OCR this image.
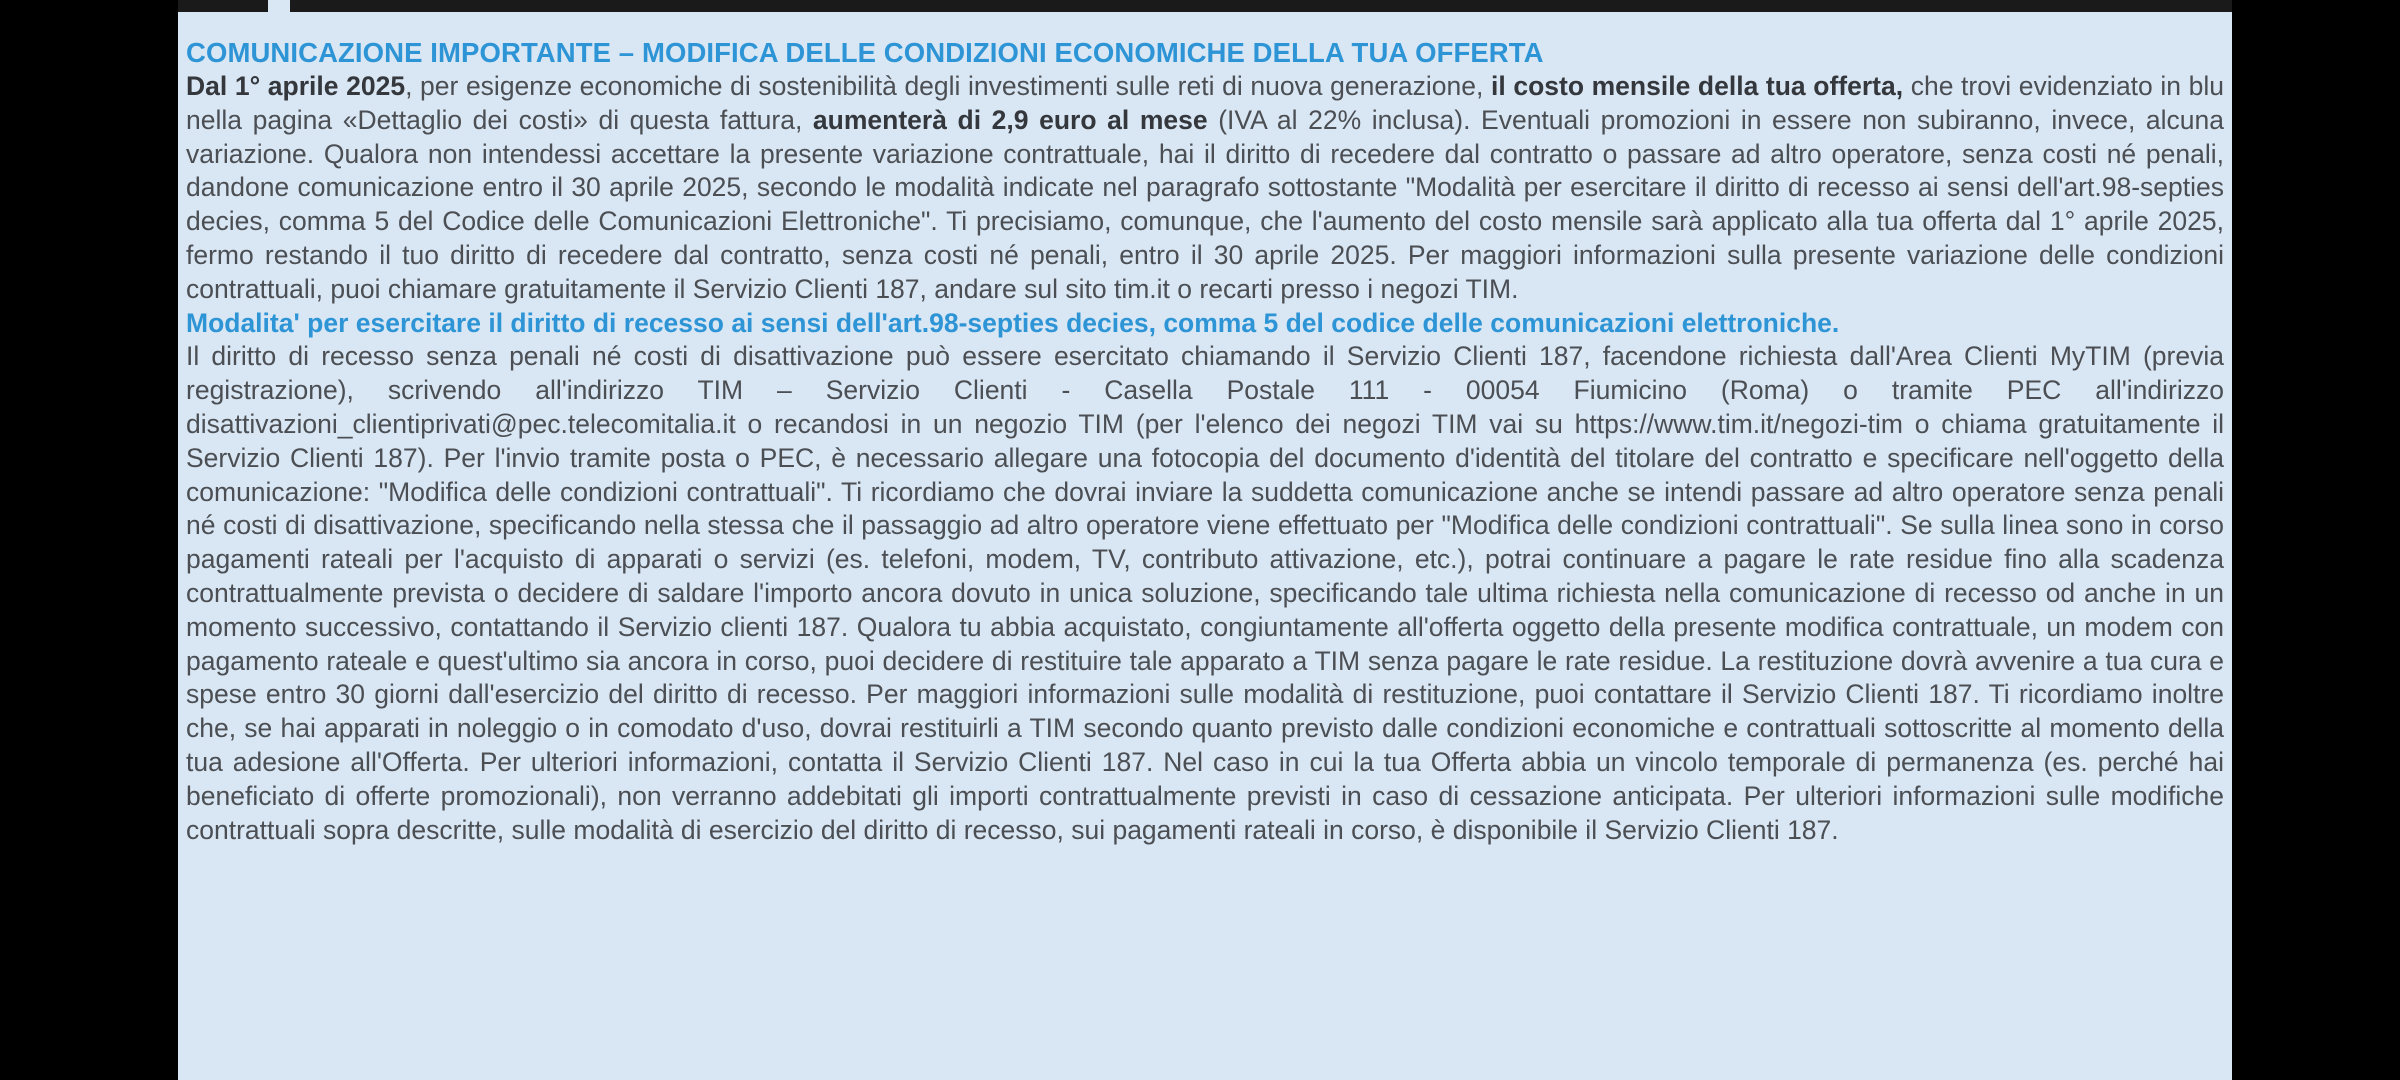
COMUNICAZIONE IMPORTANTE – MODIFICA DELLE CONDIZIONI ECONOMICHE DELLA TUA OFFERTA

Dal 1° aprile 2025, per esigenze economiche di sostenibilità degli investimenti sulle reti di nuova generazione, il costo mensile della tua offerta, che trovi evidenziato in blu nella pagina «Dettaglio dei costi» di questa fattura, aumenterà di 2,9 euro al mese (IVA al 22% inclusa). Eventuali promozioni in essere non subiranno, invece, alcuna variazione. Qualora non intendessi accettare la presente variazione contrattuale, hai il diritto di recedere dal contratto o passare ad altro operatore, senza costi né penali, dandone comunicazione entro il 30 aprile 2025, secondo le modalità indicate nel paragrafo sottostante "Modalità per esercitare il diritto di recesso ai sensi dell'art.98-septies decies, comma 5 del Codice delle Comunicazioni Elettroniche". Ti precisiamo, comunque, che l'aumento del costo mensile sarà applicato alla tua offerta dal 1° aprile 2025, fermo restando il tuo diritto di recedere dal contratto, senza costi né penali, entro il 30 aprile 2025. Per maggiori informazioni sulla presente variazione delle condizioni contrattuali, puoi chiamare gratuitamente il Servizio Clienti 187, andare sul sito tim.it o recarti presso i negozi TIM.

Modalita' per esercitare il diritto di recesso ai sensi dell'art.98-septies decies, comma 5 del codice delle comunicazioni elettroniche.

Il diritto di recesso senza penali né costi di disattivazione può essere esercitato chiamando il Servizio Clienti 187, facendone richiesta dall'Area Clienti MyTIM (previa registrazione), scrivendo all'indirizzo TIM – Servizio Clienti - Casella Postale 111 - 00054 Fiumicino (Roma) o tramite PEC all'indirizzo disattivazioni_clientiprivati@pec.telecomitalia.it o recandosi in un negozio TIM (per l'elenco dei negozi TIM vai su https://www.tim.it/negozi-tim o chiama gratuitamente il Servizio Clienti 187). Per l'invio tramite posta o PEC, è necessario allegare una fotocopia del documento d'identità del titolare del contratto e specificare nell'oggetto della comunicazione: "Modifica delle condizioni contrattuali". Ti ricordiamo che dovrai inviare la suddetta comunicazione anche se intendi passare ad altro operatore senza penali né costi di disattivazione, specificando nella stessa che il passaggio ad altro operatore viene effettuato per "Modifica delle condizioni contrattuali". Se sulla linea sono in corso pagamenti rateali per l'acquisto di apparati o servizi (es. telefoni, modem, TV, contributo attivazione, etc.), potrai continuare a pagare le rate residue fino alla scadenza contrattualmente prevista o decidere di saldare l'importo ancora dovuto in unica soluzione, specificando tale ultima richiesta nella comunicazione di recesso od anche in un momento successivo, contattando il Servizio clienti 187. Qualora tu abbia acquistato, congiuntamente all'offerta oggetto della presente modifica contrattuale, un modem con pagamento rateale e quest'ultimo sia ancora in corso, puoi decidere di restituire tale apparato a TIM senza pagare le rate residue. La restituzione dovrà avvenire a tua cura e spese entro 30 giorni dall'esercizio del diritto di recesso. Per maggiori informazioni sulle modalità di restituzione, puoi contattare il Servizio Clienti 187. Ti ricordiamo inoltre che, se hai apparati in noleggio o in comodato d'uso, dovrai restituirli a TIM secondo quanto previsto dalle condizioni economiche e contrattuali sottoscritte al momento della tua adesione all'Offerta. Per ulteriori informazioni, contatta il Servizio Clienti 187. Nel caso in cui la tua Offerta abbia un vincolo temporale di permanenza (es. perché hai beneficiato di offerte promozionali), non verranno addebitati gli importi contrattualmente previsti in caso di cessazione anticipata. Per ulteriori informazioni sulle modifiche contrattuali sopra descritte, sulle modalità di esercizio del diritto di recesso, sui pagamenti rateali in corso, è disponibile il Servizio Clienti 187.
